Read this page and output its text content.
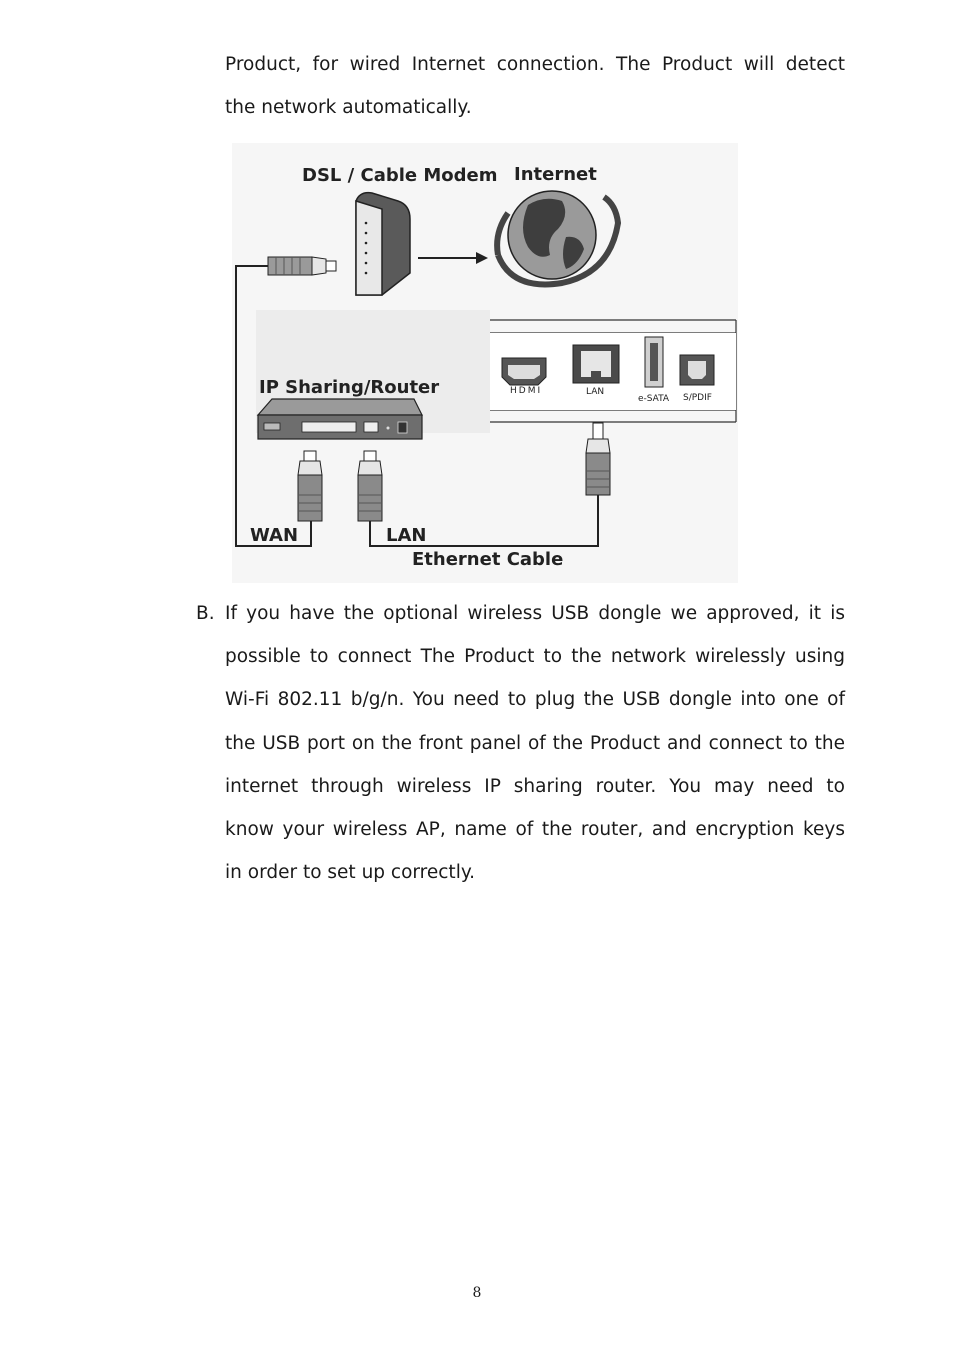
Product, for wired Internet connection. The Product will detect

the network automatically.

DSL / Cable Modem Internet
IP Sharing/Router	HDMI	LAN
e-SATA S/PDIF
WAN	LAN
Ethernet Cable
B. If you have the optional wireless USB dongle we approved, it is

possible to connect The Product to the network wirelessly using

Wi-Fi 802.11 b/g/n. You need to plug the USB dongle into one of

the USB port on the front panel of the Product and connect to the

internet through wireless IP sharing router. You may need to

know your wireless AP, name of the router, and encryption keys

in order to set up correctly.

8
